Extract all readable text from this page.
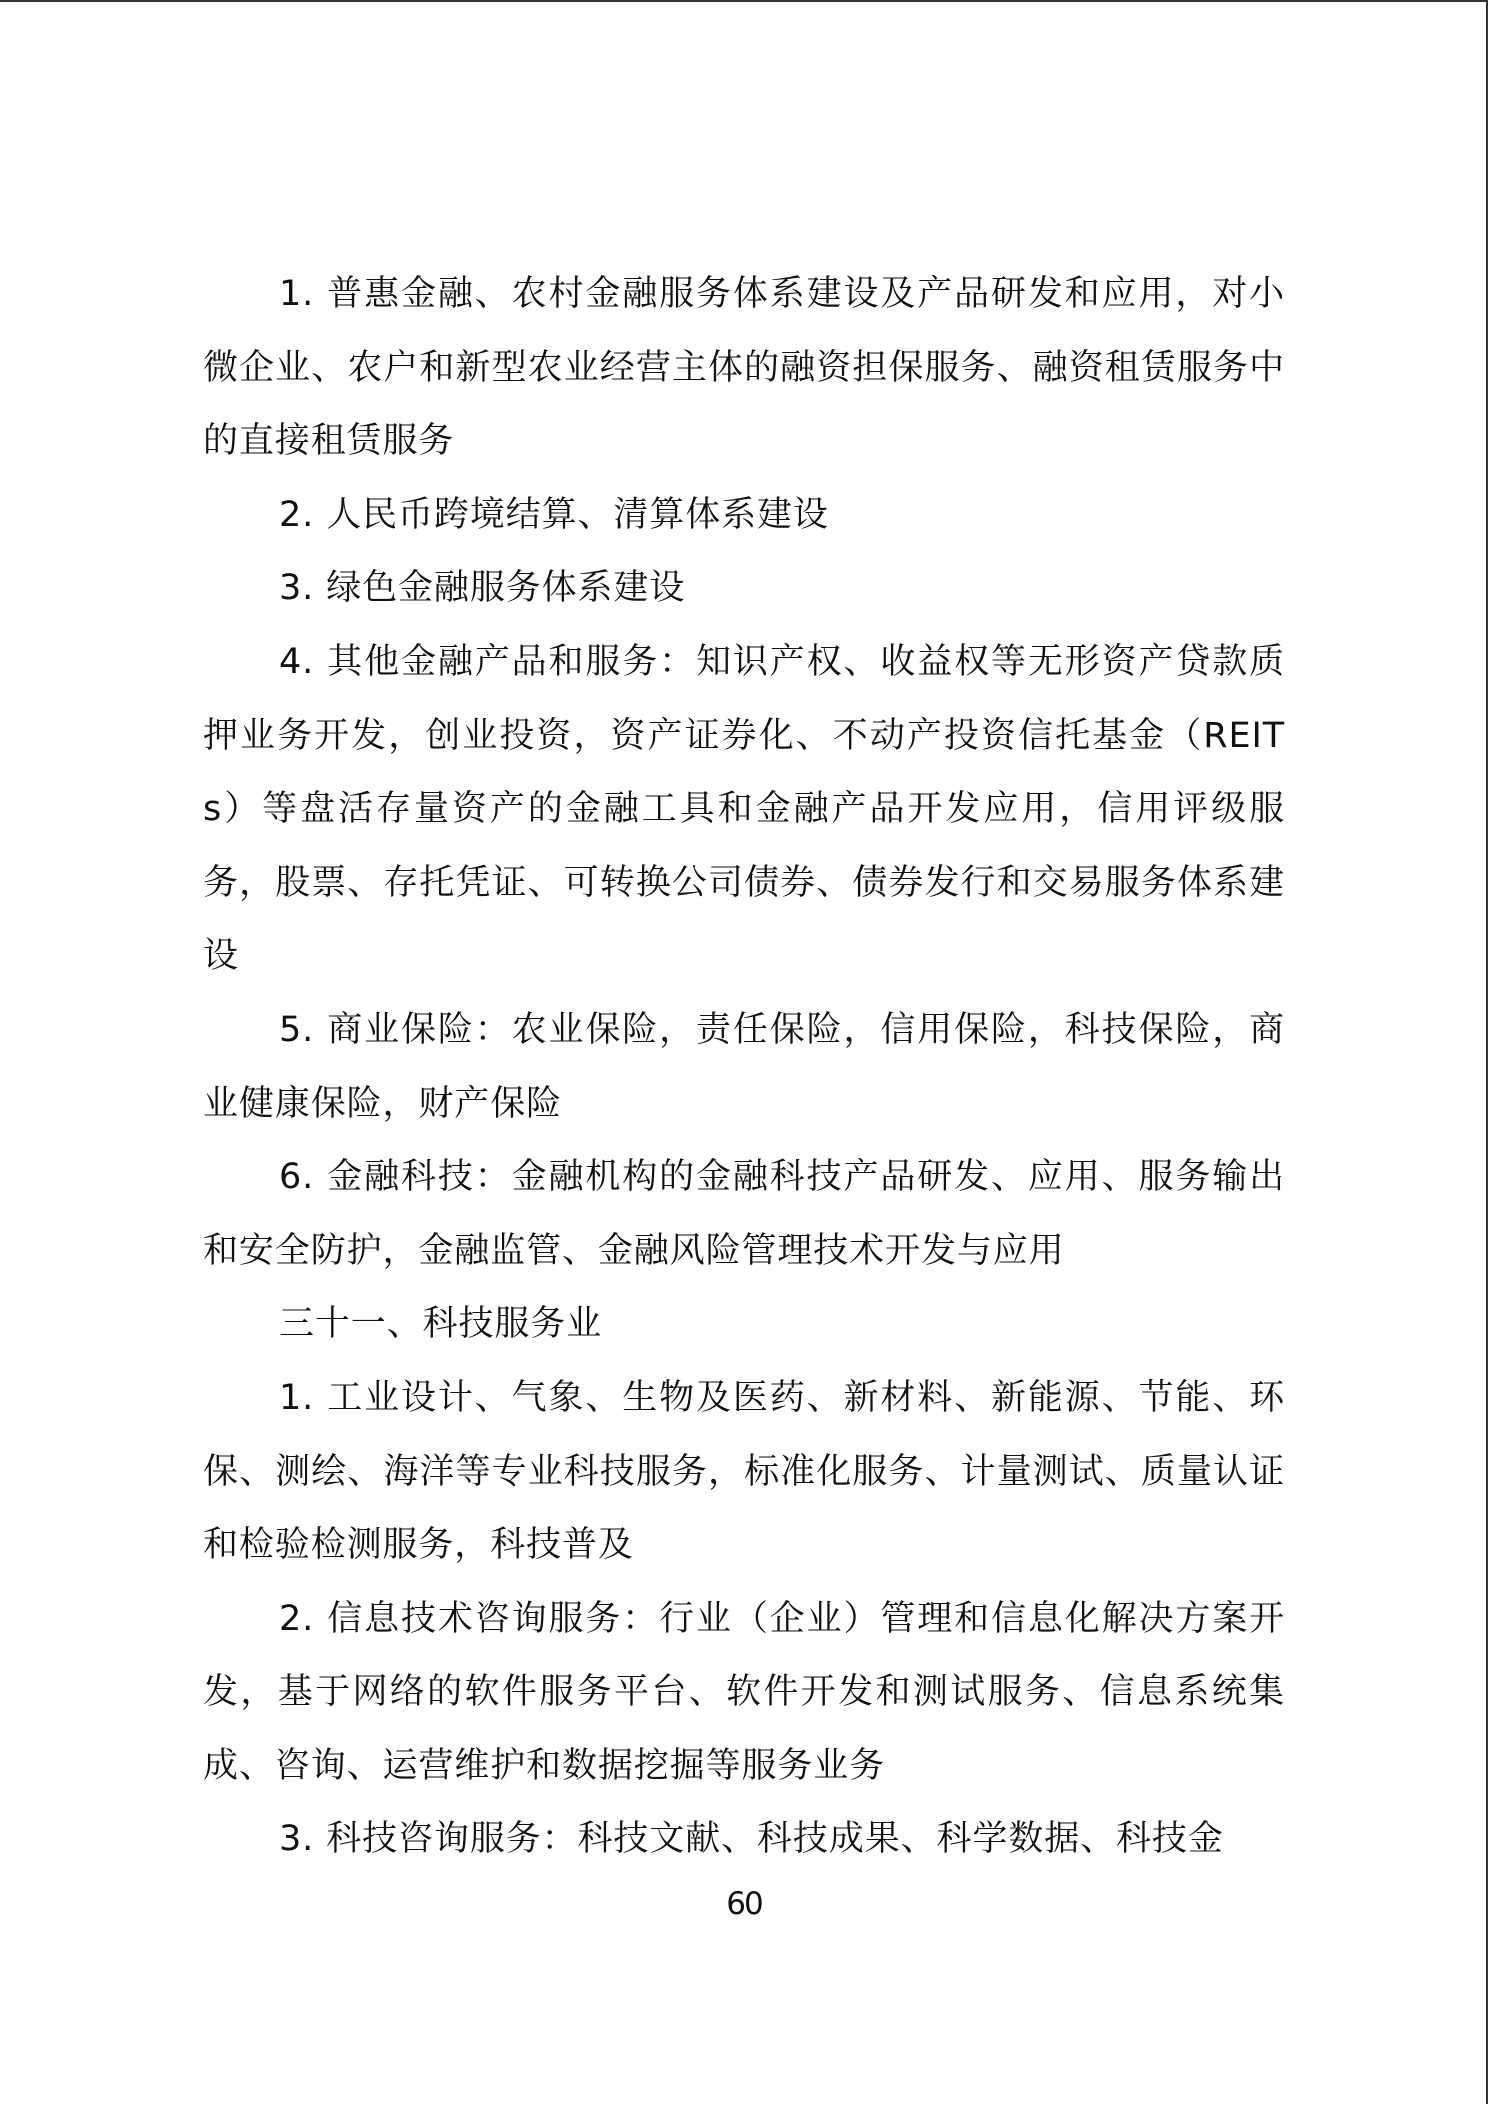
1. 普惠金融、农村金融服务体系建设及产品研发和应用，对小微企业、农户和新型农业经营主体的融资担保服务、融资租赁服务中的直接租赁服务

2. 人民币跨境结算、清算体系建设

3. 绿色金融服务体系建设

4. 其他金融产品和服务：知识产权、收益权等无形资产贷款质押业务开发，创业投资，资产证券化、不动产投资信托基金（REITs）等盘活存量资产的金融工具和金融产品开发应用，信用评级服务，股票、存托凭证、可转换公司债券、债券发行和交易服务体系建设

5. 商业保险：农业保险，责任保险，信用保险，科技保险，商业健康保险，财产保险

6. 金融科技：金融机构的金融科技产品研发、应用、服务输出和安全防护，金融监管、金融风险管理技术开发与应用

三十一、科技服务业

1. 工业设计、气象、生物及医药、新材料、新能源、节能、环保、测绘、海洋等专业科技服务，标准化服务、计量测试、质量认证和检验检测服务，科技普及

2. 信息技术咨询服务：行业（企业）管理和信息化解决方案开发，基于网络的软件服务平台、软件开发和测试服务、信息系统集成、咨询、运营维护和数据挖掘等服务业务

3. 科技咨询服务：科技文献、科技成果、科学数据、科技金

60
